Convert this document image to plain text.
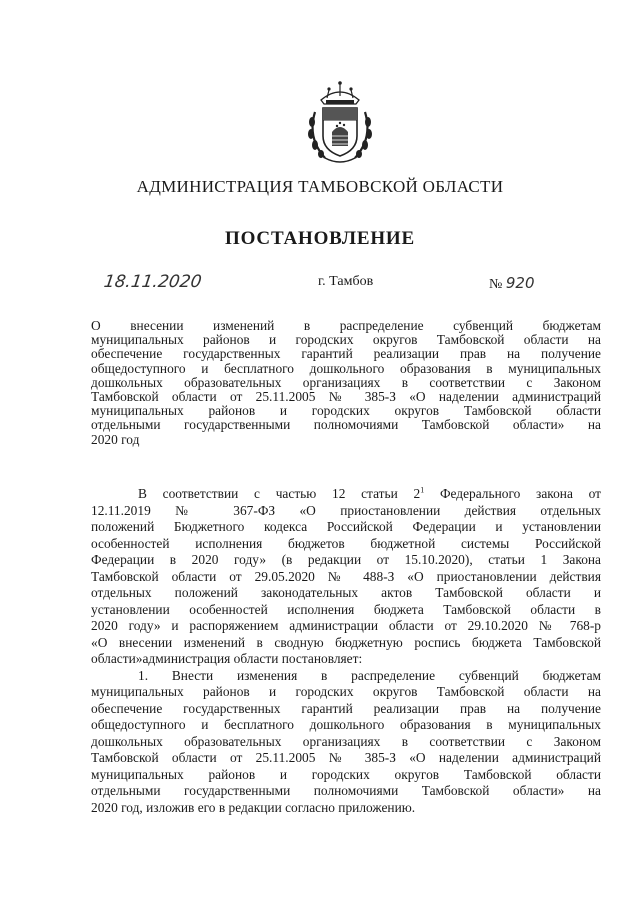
АДМИНИСТРАЦИЯ ТАМБОВСКОЙ ОБЛАСТИ
ПОСТАНОВЛЕНИЕ
18.11.2020	г. Тамбов	№ 920
О внесении изменений в распределение субвенций бюджетам
муниципальных районов и городских округов Тамбовской области на
обеспечение государственных гарантий реализации прав на получение
общедоступного и бесплатного дошкольного образования в муниципальных
дошкольных образовательных организациях в соответствии с Законом
Тамбовской области от 25.11.2005 № 385-З «О наделении администраций
муниципальных районов и городских округов Тамбовской области
отдельными государственными полномочиями Тамбовской области» на
2020 год
В соответствии с частью 12 статьи $2^1$ Федерального закона от
12.11.2019 № 367-ФЗ «О приостановлении действия отдельных
положений Бюджетного кодекса Российской Федерации и установлении
особенностей исполнения бюджетов бюджетной системы Российской
Федерации в 2020 году» (в редакции от 15.10.2020), статьи 1 Закона
Тамбовской области от 29.05.2020 № 488-З «О приостановлении действия
отдельных положений законодательных актов Тамбовской области и
установлении особенностей исполнения бюджета Тамбовской области в
2020 году» и распоряжением администрации области от 29.10.2020 № 768-р
«О внесении изменений в сводную бюджетную роспись бюджета Тамбовской
области»администрация области постановляет:
1. Внести изменения в распределение субвенций бюджетам
муниципальных районов и городских округов Тамбовской области на
обеспечение государственных гарантий реализации прав на получение
общедоступного и бесплатного дошкольного образования в муниципальных
дошкольных образовательных организациях в соответствии с Законом
Тамбовской области от 25.11.2005 № 385-З «О наделении администраций
муниципальных районов и городских округов Тамбовской области
отдельными государственными полномочиями Тамбовской области» на
2020 год, изложив его в редакции согласно приложению.
